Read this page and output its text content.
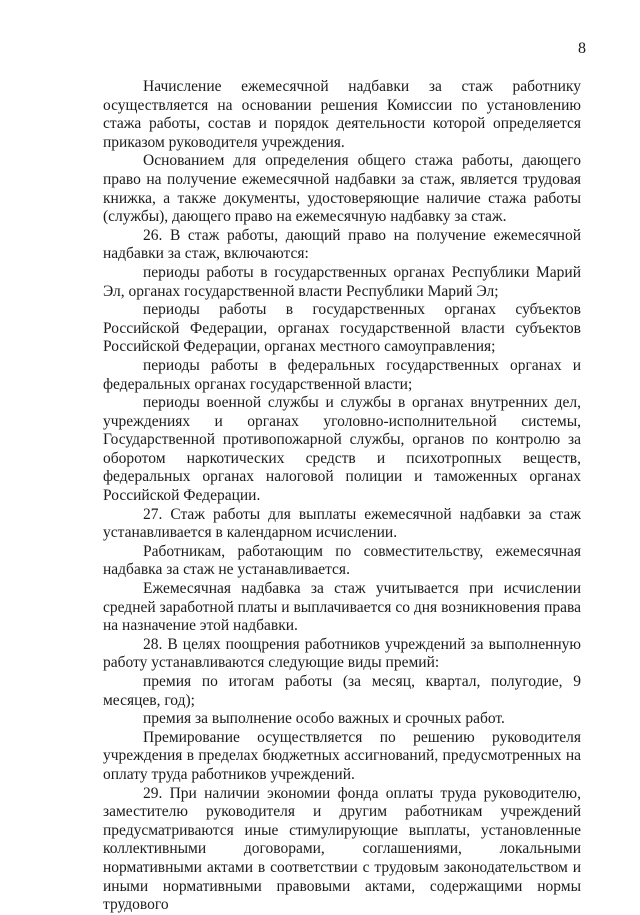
8

Начисление ежемесячной надбавки за стаж работнику осуществляется на основании решения Комиссии по установлению стажа работы, состав и порядок деятельности которой определяется приказом руководителя учреждения.

Основанием для определения общего стажа работы, дающего право на получение ежемесячной надбавки за стаж, является трудовая книжка, а также документы, удостоверяющие наличие стажа работы (службы), дающего право на ежемесячную надбавку за стаж.

26. В стаж работы, дающий право на получение ежемесячной надбавки за стаж, включаются:

периоды работы в государственных органах Республики Марий Эл, органах государственной власти Республики Марий Эл;

периоды работы в государственных органах субъектов Российской Федерации, органах государственной власти субъектов Российской Федерации, органах местного самоуправления;

периоды работы в федеральных государственных органах и федеральных органах государственной власти;

периоды военной службы и службы в органах внутренних дел, учреждениях и органах уголовно-исполнительной системы, Государственной противопожарной службы, органов по контролю за оборотом наркотических средств и психотропных веществ, федеральных органах налоговой полиции и таможенных органах Российской Федерации.

27. Стаж работы для выплаты ежемесячной надбавки за стаж устанавливается в календарном исчислении.

Работникам, работающим по совместительству, ежемесячная надбавка за стаж не устанавливается.

Ежемесячная надбавка за стаж учитывается при исчислении средней заработной платы и выплачивается со дня возникновения права на назначение этой надбавки.

28. В целях поощрения работников учреждений за выполненную работу устанавливаются следующие виды премий:

премия по итогам работы (за месяц, квартал, полугодие, 9 месяцев, год);

премия за выполнение особо важных и срочных работ.

Премирование осуществляется по решению руководителя учреждения в пределах бюджетных ассигнований, предусмотренных на оплату труда работников учреждений.

29. При наличии экономии фонда оплаты труда руководителю, заместителю руководителя и другим работникам учреждений предусматриваются иные стимулирующие выплаты, установленные коллективными договорами, соглашениями, локальными нормативными актами в соответствии с трудовым законодательством и иными нормативными правовыми актами, содержащими нормы трудового
